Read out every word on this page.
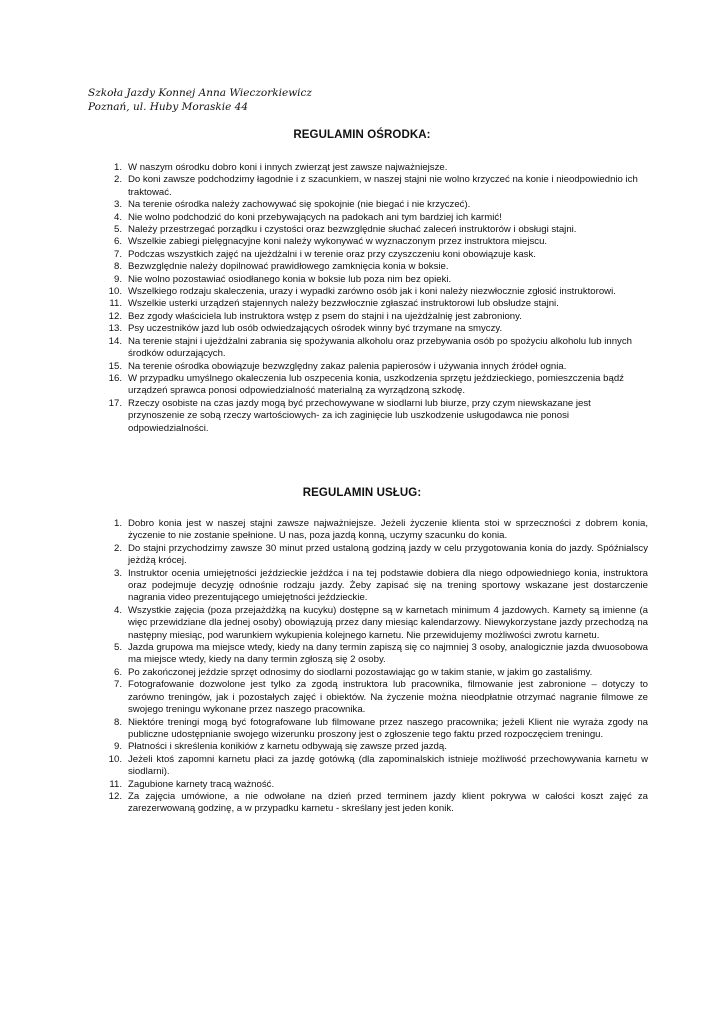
Szkoła Jazdy Konnej Anna Wieczorkiewicz
Poznań, ul. Huby Moraskie 44
REGULAMIN OŚRODKA:
1. W naszym ośrodku dobro koni i innych zwierząt jest zawsze najważniejsze.
2. Do koni zawsze podchodzimy łagodnie i z szacunkiem, w naszej stajni nie wolno krzyczeć na konie i nieodpowiednio ich traktować.
3. Na terenie ośrodka należy zachowywać się spokojnie (nie biegać i nie krzyczeć).
4. Nie wolno podchodzić do koni przebywających na padokach ani tym bardziej ich karmić!
5. Należy przestrzegać porządku i czystości oraz bezwzględnie słuchać zaleceń instruktorów i obsługi stajni.
6. Wszelkie zabiegi pielęgnacyjne koni należy wykonywać w wyznaczonym przez instruktora miejscu.
7. Podczas wszystkich zajęć na ujeżdżalni i w terenie oraz przy czyszczeniu koni obowiązuje kask.
8. Bezwzględnie należy dopilnować prawidłowego zamknięcia konia w boksie.
9. Nie wolno pozostawiać osiodłanego konia w boksie lub poza nim bez opieki.
10. Wszelkiego rodzaju skaleczenia, urazy i wypadki zarówno osób jak i koni należy niezwłocznie zgłosić instruktorowi.
11. Wszelkie usterki urządzeń stajennych należy bezzwłocznie zgłaszać instruktorowi lub obsłudze stajni.
12. Bez zgody właściciela lub instruktora wstęp z psem do stajni i na ujeżdżalnię jest zabroniony.
13. Psy uczestników jazd lub osób odwiedzających ośrodek winny być trzymane na smyczy.
14. Na terenie stajni i ujeżdżalni zabrania się spożywania alkoholu oraz przebywania osób po spożyciu alkoholu lub innych środków odurzających.
15. Na terenie ośrodka obowiązuje bezwzględny zakaz palenia papierosów i używania innych źródeł ognia.
16. W przypadku umyślnego okaleczenia lub oszpecenia konia, uszkodzenia sprzętu jeździeckiego, pomieszczenia bądź urządzeń sprawca ponosi odpowiedzialność materialną za wyrządzoną szkodę.
17. Rzeczy osobiste na czas jazdy mogą być przechowywane w siodlarni lub biurze, przy czym niewskazane jest przynoszenie ze sobą rzeczy wartościowych- za ich zaginięcie lub uszkodzenie usługodawca nie ponosi odpowiedzialności.
REGULAMIN USŁUG:
1. Dobro konia jest w naszej stajni zawsze najważniejsze. Jeżeli życzenie klienta stoi w sprzeczności z dobrem konia, życzenie to nie zostanie spełnione. U nas, poza jazdą konną, uczymy szacunku do konia.
2. Do stajni przychodzimy zawsze 30 minut przed ustaloną godziną jazdy w celu przygotowania konia do jazdy. Spóźnialscy jeżdżą krócej.
3. Instruktor ocenia umiejętności jeździeckie jeźdźca i na tej podstawie dobiera dla niego odpowiedniego konia, instruktora oraz podejmuje decyzję odnośnie rodzaju jazdy. Żeby zapisać się na trening sportowy wskazane jest dostarczenie nagrania video prezentującego umiejętności jeździeckie.
4. Wszystkie zajęcia (poza przejażdżką na kucyku) dostępne są w karnetach minimum 4 jazdowych. Karnety są imienne (a więc przewidziane dla jednej osoby) obowiązują przez dany miesiąc kalendarzowy. Niewykorzystane jazdy przechodzą na następny miesiąc, pod warunkiem wykupienia kolejnego karnetu. Nie przewidujemy możliwości zwrotu karnetu.
5. Jazda grupowa ma miejsce wtedy, kiedy na dany termin zapiszą się co najmniej 3 osoby, analogicznie jazda dwuosobowa ma miejsce wtedy, kiedy na dany termin zgłoszą się 2 osoby.
6. Po zakończonej jeździe sprzęt odnosimy do siodlarni pozostawiając go w takim stanie, w jakim go zastaliśmy.
7. Fotografowanie dozwolone jest tylko za zgodą instruktora lub pracownika, filmowanie jest zabronione – dotyczy to zarówno treningów, jak i pozostałych zajęć i obiektów. Na życzenie można nieodpłatnie otrzymać nagranie filmowe ze swojego treningu wykonane przez naszego pracownika.
8. Niektóre treningi mogą być fotografowane lub filmowane przez naszego pracownika; jeżeli Klient nie wyraża zgody na publiczne udostępnianie swojego wizerunku proszony jest o zgłoszenie tego faktu przed rozpoczęciem treningu.
9. Płatności i skreślenia konikiów z karnetu odbywają się zawsze przed jazdą.
10. Jeżeli ktoś zapomni karnetu płaci za jazdę gotówką (dla zapominalskich istnieje możliwość przechowywania karnetu w siodlarni).
11. Zagubione karnety tracą ważność.
12. Za zajęcia umówione, a nie odwołane na dzień przed terminem jazdy klient pokrywa w całości koszt zajęć za zarezerwowaną godzinę, a w przypadku karnetu - skreślany jest jeden konik.
